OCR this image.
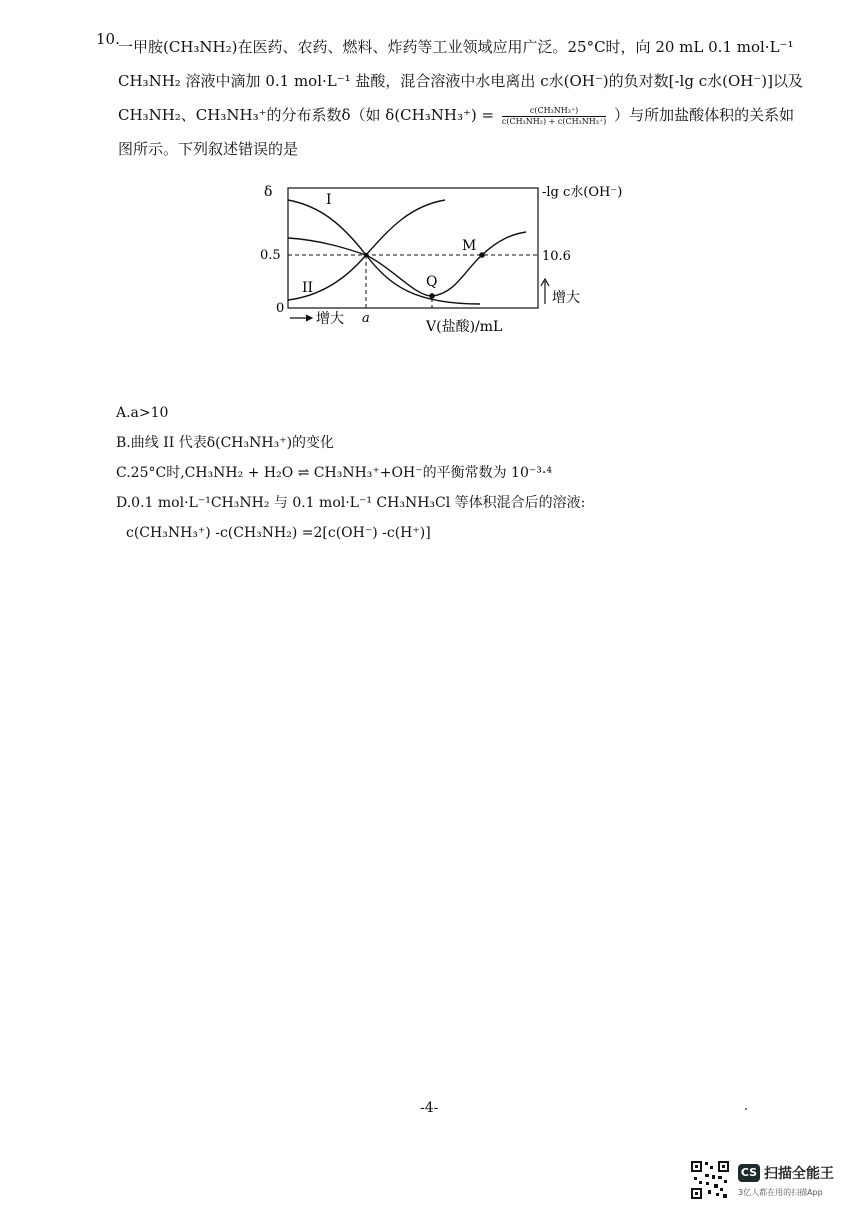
10.
一甲胺(CH₃NH₂)在医药、农药、燃料、炸药等工业领域应用广泛。25°C时，向 20 mL 0.1 mol·L⁻¹
CH₃NH₂ 溶液中滴加 0.1 mol·L⁻¹ 盐酸，混合溶液中水电离出 c水(OH⁻)的负对数[-lg c水(OH⁻)]以及
CH₃NH₂、CH₃NH₃⁺的分布系数δ（如 $\delta(CH_3NH_3^+) = \frac{\text{c(CH₃NH₃⁺)}}{\text{c(CH₃NH₂) + c(CH₃NH₃⁺)}}$ ）与所加盐酸体积的关系如
图所示。下列叙述错误的是
δ	-lg c水(OH⁻)
0.5
0
10.6
I
II
M
Q
a
增大
增大
V(盐酸)/mL
A.a>10
B.曲线 II 代表δ(CH₃NH₃⁺)的变化
C.25°C时,CH₃NH₂ + H₂O ⇌ CH₃NH₃⁺+OH⁻的平衡常数为 10⁻³·⁴
D.0.1 mol·L⁻¹CH₃NH₂ 与 0.1 mol·L⁻¹ CH₃NH₃Cl 等体积混合后的溶液:
c(CH₃NH₃⁺) -c(CH₃NH₂) =2[c(OH⁻) -c(H⁺)]
-4-
CS 扫描全能王
3亿人都在用的扫描App
